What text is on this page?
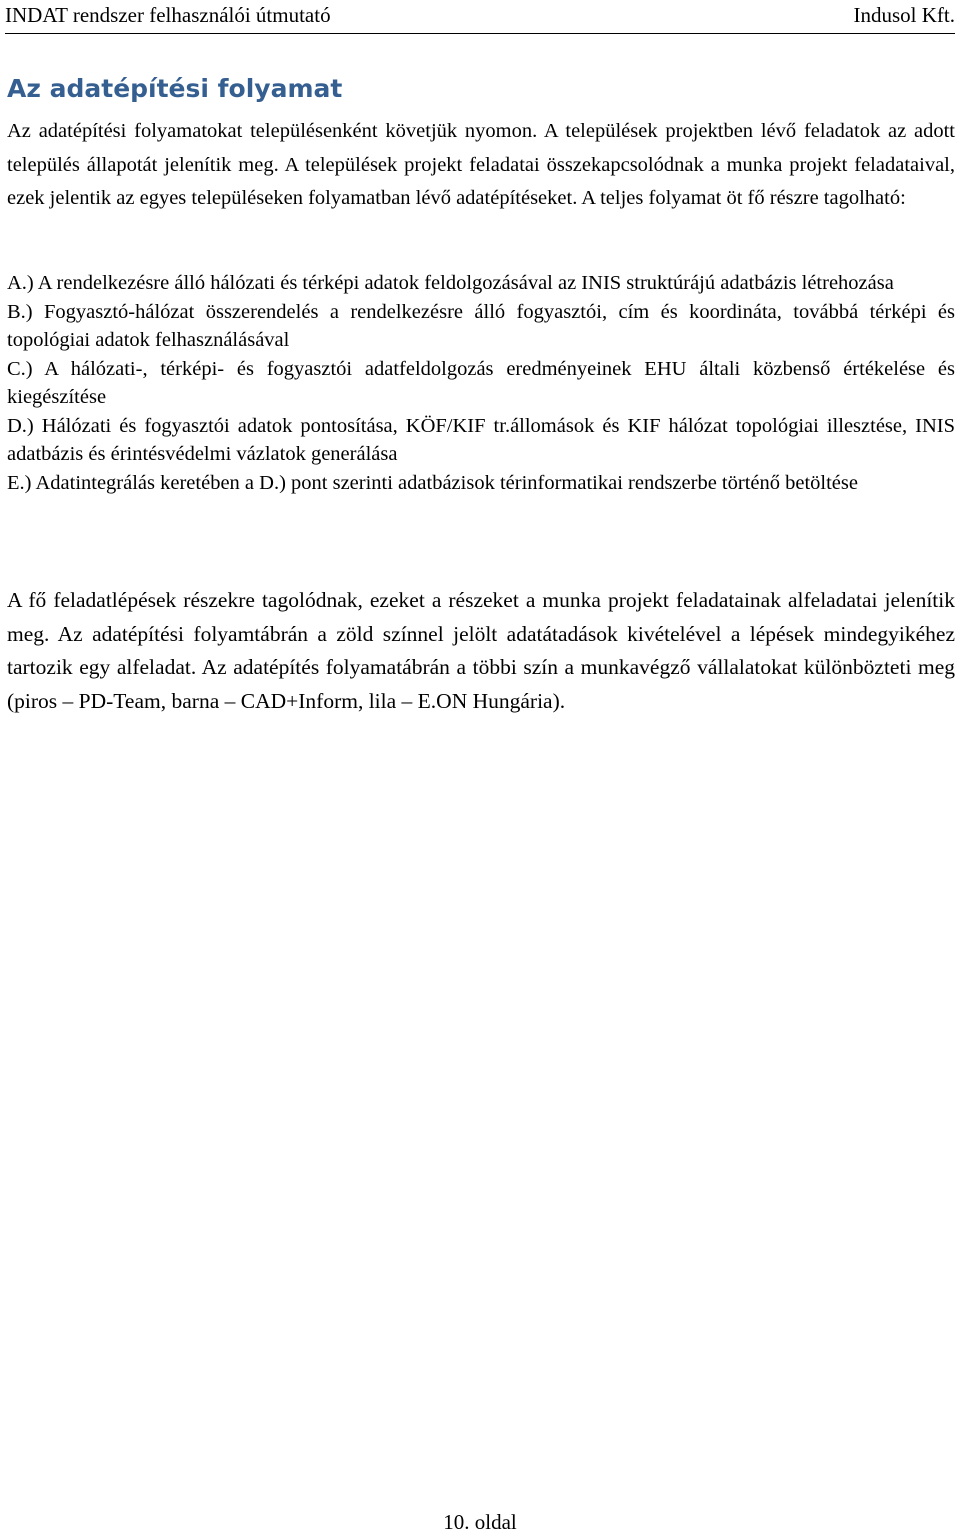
INDAT rendszer felhasználói útmutató	Indusol Kft.
Az adatépítési folyamat

Az adatépítési folyamatokat településenként követjük nyomon. A települések projektben lévő feladatok az adott település állapotát jelenítik meg. A települések projekt feladatai összekapcsolódnak a munka projekt feladataival, ezek jelentik az egyes településeken folyamatban lévő adatépítéseket. A teljes folyamat öt fő részre tagolható:

A.) A rendelkezésre álló hálózati és térképi adatok feldolgozásával az INIS struktúrájú adatbázis létrehozása

B.) Fogyasztó-hálózat összerendelés a rendelkezésre álló fogyasztói, cím és koordináta, továbbá térképi és topológiai adatok felhasználásával

C.) A hálózati-, térképi- és fogyasztói adatfeldolgozás eredményeinek EHU általi közbenső értékelése és kiegészítése

D.) Hálózati és fogyasztói adatok pontosítása, KÖF/KIF tr.állomások és KIF hálózat topológiai illesztése, INIS adatbázis és érintésvédelmi vázlatok generálása

E.) Adatintegrálás keretében a D.) pont szerinti adatbázisok térinformatikai rendszerbe történő betöltése

A fő feladatlépések részekre tagolódnak, ezeket a részeket a munka projekt feladatainak alfeladatai jelenítik meg. Az adatépítési folyamtábrán a zöld színnel jelölt adatátadások kivételével a lépések mindegyikéhez tartozik egy alfeladat. Az adatépítés folyamatábrán a többi szín a munkavégző vállalatokat különbözteti meg (piros – PD-Team, barna – CAD+Inform, lila – E.ON Hungária).

10. oldal
